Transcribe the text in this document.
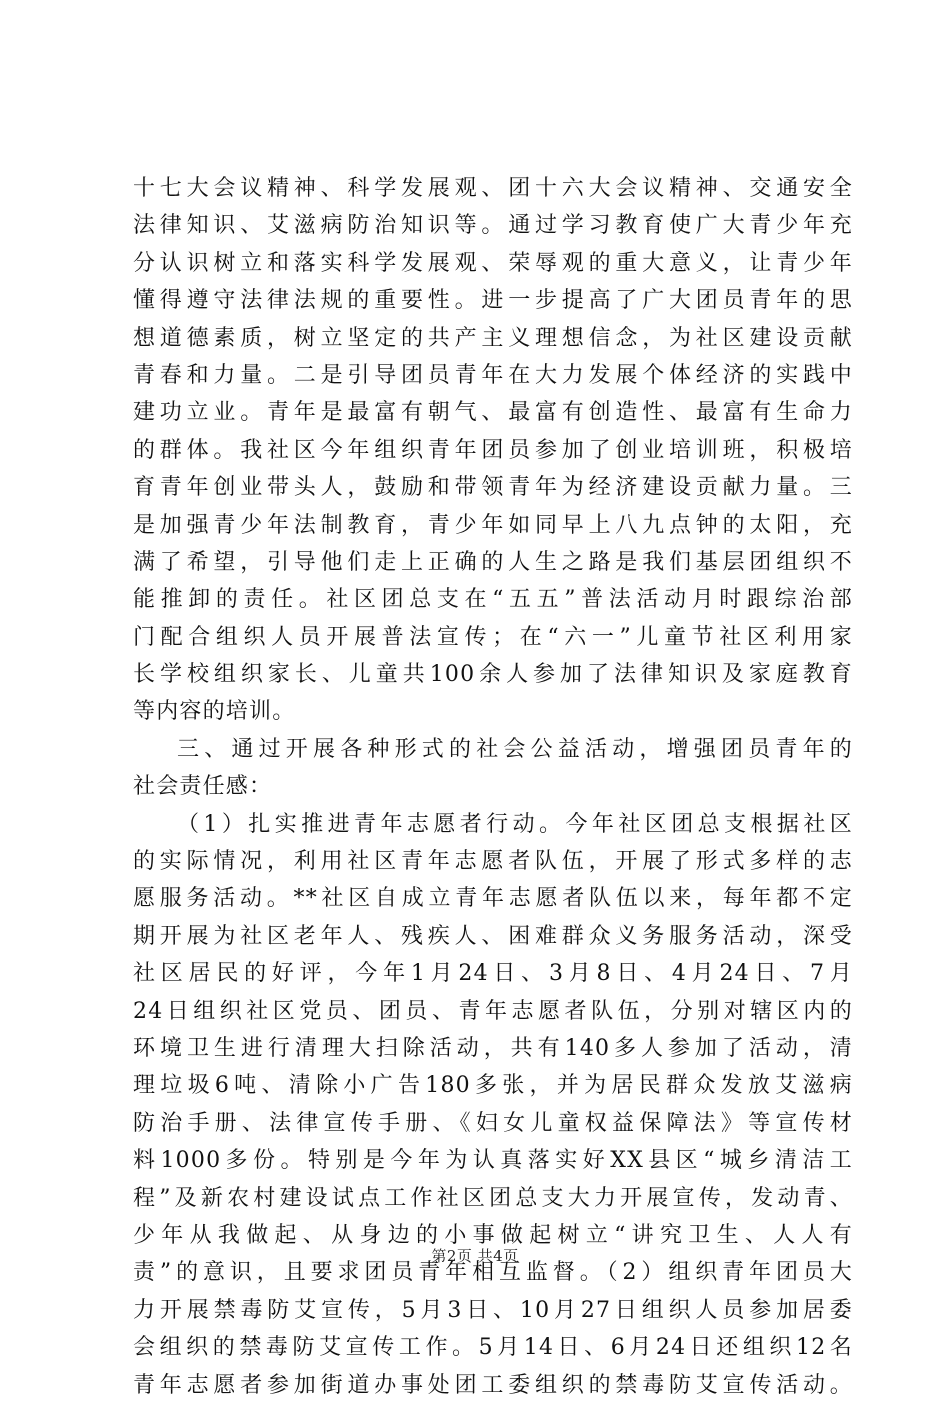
十七大会议精神、科学发展观、团十六大会议精神、交通安全
法律知识、艾滋病防治知识等。通过学习教育使广大青少年充
分认识树立和落实科学发展观、荣辱观的重大意义，让青少年
懂得遵守法律法规的重要性。进一步提高了广大团员青年的思
想道德素质，树立坚定的共产主义理想信念，为社区建设贡献
青春和力量。二是引导团员青年在大力发展个体经济的实践中
建功立业。青年是最富有朝气、最富有创造性、最富有生命力
的群体。我社区今年组织青年团员参加了创业培训班，积极培
育青年创业带头人，鼓励和带领青年为经济建设贡献力量。三
是加强青少年法制教育，青少年如同早上八九点钟的太阳，充
满了希望，引导他们走上正确的人生之路是我们基层团组织不
能推卸的责任。社区团总支在“五五”普法活动月时跟综治部
门配合组织人员开展普法宣传；在“六一”儿童节社区利用家
长学校组织家长、儿童共100余人参加了法律知识及家庭教育
等内容的培训。
三、通过开展各种形式的社会公益活动，增强团员青年的
社会责任感：
（1）扎实推进青年志愿者行动。今年社区团总支根据社区
的实际情况，利用社区青年志愿者队伍，开展了形式多样的志
愿服务活动。**社区自成立青年志愿者队伍以来，每年都不定
期开展为社区老年人、残疾人、困难群众义务服务活动，深受
社区居民的好评，今年1月24日、3月8日、4月24日、7月
24日组织社区党员、团员、青年志愿者队伍，分别对辖区内的
环境卫生进行清理大扫除活动，共有140多人参加了活动，清
理垃圾6吨、清除小广告180多张，并为居民群众发放艾滋病
防治手册、法律宣传手册、《妇女儿童权益保障法》等宣传材
料1000多份。特别是今年为认真落实好XX县区“城乡清洁工
程”及新农村建设试点工作社区团总支大力开展宣传，发动青、
少年从我做起、从身边的小事做起树立“讲究卫生、人人有
责”的意识，且要求团员青年相互监督。（2）组织青年团员大
力开展禁毒防艾宣传，5月3日、10月27日组织人员参加居委
会组织的禁毒防艾宣传工作。5月14日、6月24日还组织12名
青年志愿者参加街道办事处团工委组织的禁毒防艾宣传活动。
第2页 共4页
